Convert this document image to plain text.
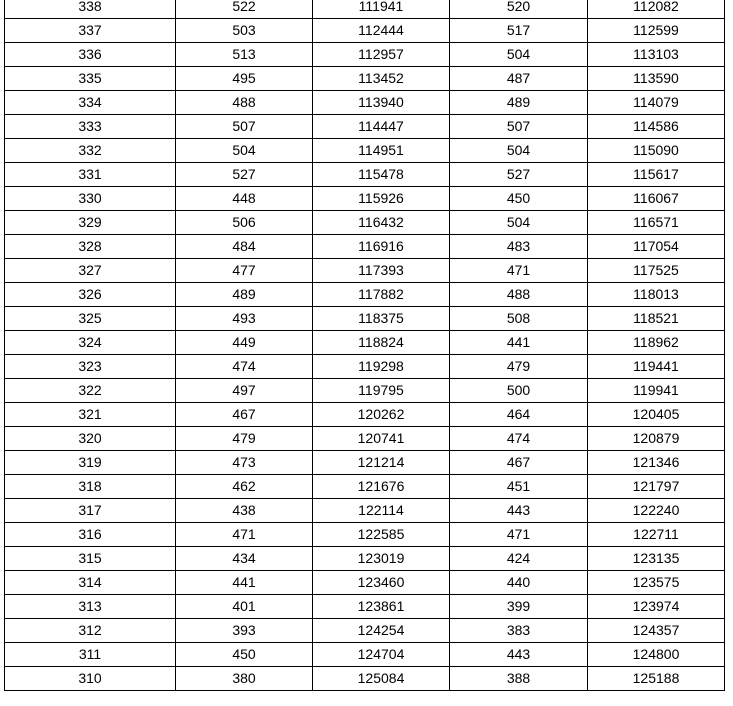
338	522	111941	520	112082
337	503	112444	517	112599
336	513	112957	504	113103
335	495	113452	487	113590
334	488	113940	489	114079
333	507	114447	507	114586
332	504	114951	504	115090
331	527	115478	527	115617
330	448	115926	450	116067
329	506	116432	504	116571
328	484	116916	483	117054
327	477	117393	471	117525
326	489	117882	488	118013
325	493	118375	508	118521
324	449	118824	441	118962
323	474	119298	479	119441
322	497	119795	500	119941
321	467	120262	464	120405
320	479	120741	474	120879
319	473	121214	467	121346
318	462	121676	451	121797
317	438	122114	443	122240
316	471	122585	471	122711
315	434	123019	424	123135
314	441	123460	440	123575
313	401	123861	399	123974
312	393	124254	383	124357
311	450	124704	443	124800
310	380	125084	388	125188
